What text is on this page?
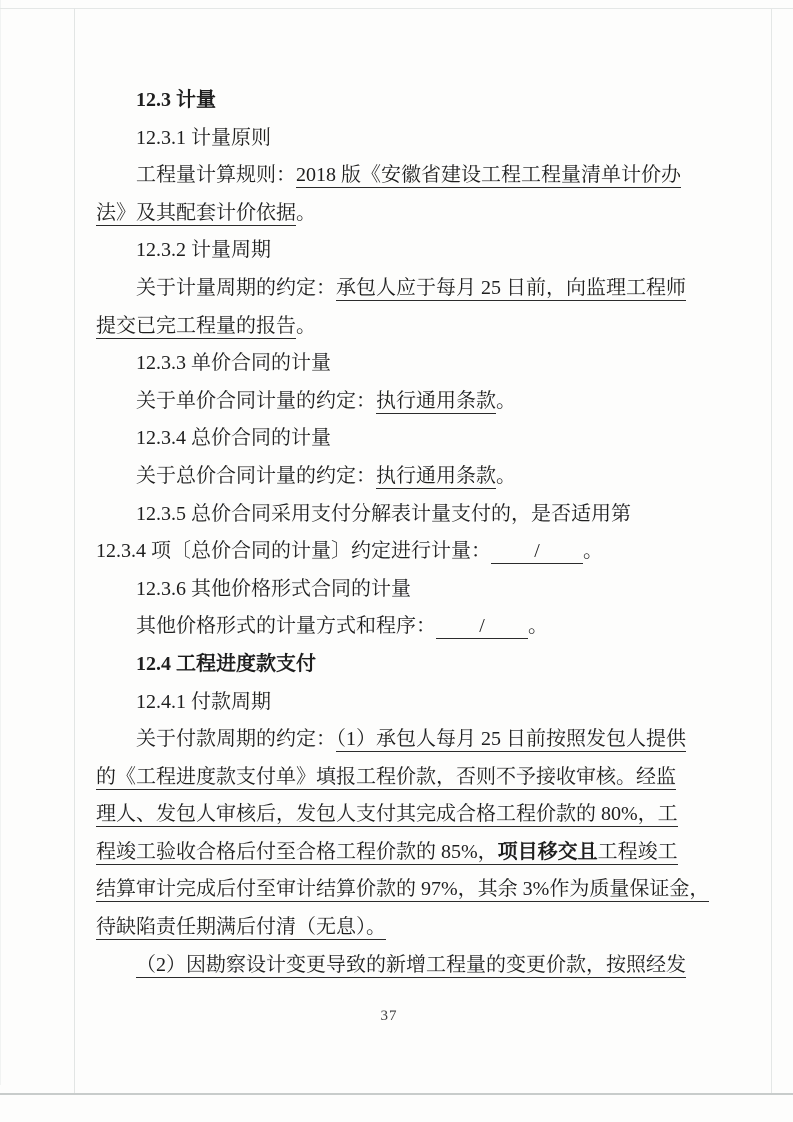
12.3 计量
12.3.1 计量原则
工程量计算规则：2018 版《安徽省建设工程工程量清单计价办
法》及其配套计价依据。
12.3.2 计量周期
关于计量周期的约定：承包人应于每月 25 日前，向监理工程师
提交已完工程量的报告。
12.3.3 单价合同的计量
关于单价合同计量的约定：执行通用条款。
12.3.4 总价合同的计量
关于总价合同计量的约定：执行通用条款。
12.3.5 总价合同采用支付分解表计量支付的，是否适用第
12.3.4 项〔总价合同的计量〕约定进行计量： / 。
12.3.6 其他价格形式合同的计量
其他价格形式的计量方式和程序： / 。
12.4 工程进度款支付
12.4.1 付款周期
关于付款周期的约定：（1）承包人每月 25 日前按照发包人提供
的《工程进度款支付单》填报工程价款，否则不予接收审核。经监
理人、发包人审核后，发包人支付其完成合格工程价款的 80%，工
程竣工验收合格后付至合格工程价款的 85%，项目移交且工程竣工
结算审计完成后付至审计结算价款的 97%，其余 3%作为质量保证金，
待缺陷责任期满后付清（无息）。
（2）因勘察设计变更导致的新增工程量的变更价款，按照经发
37
